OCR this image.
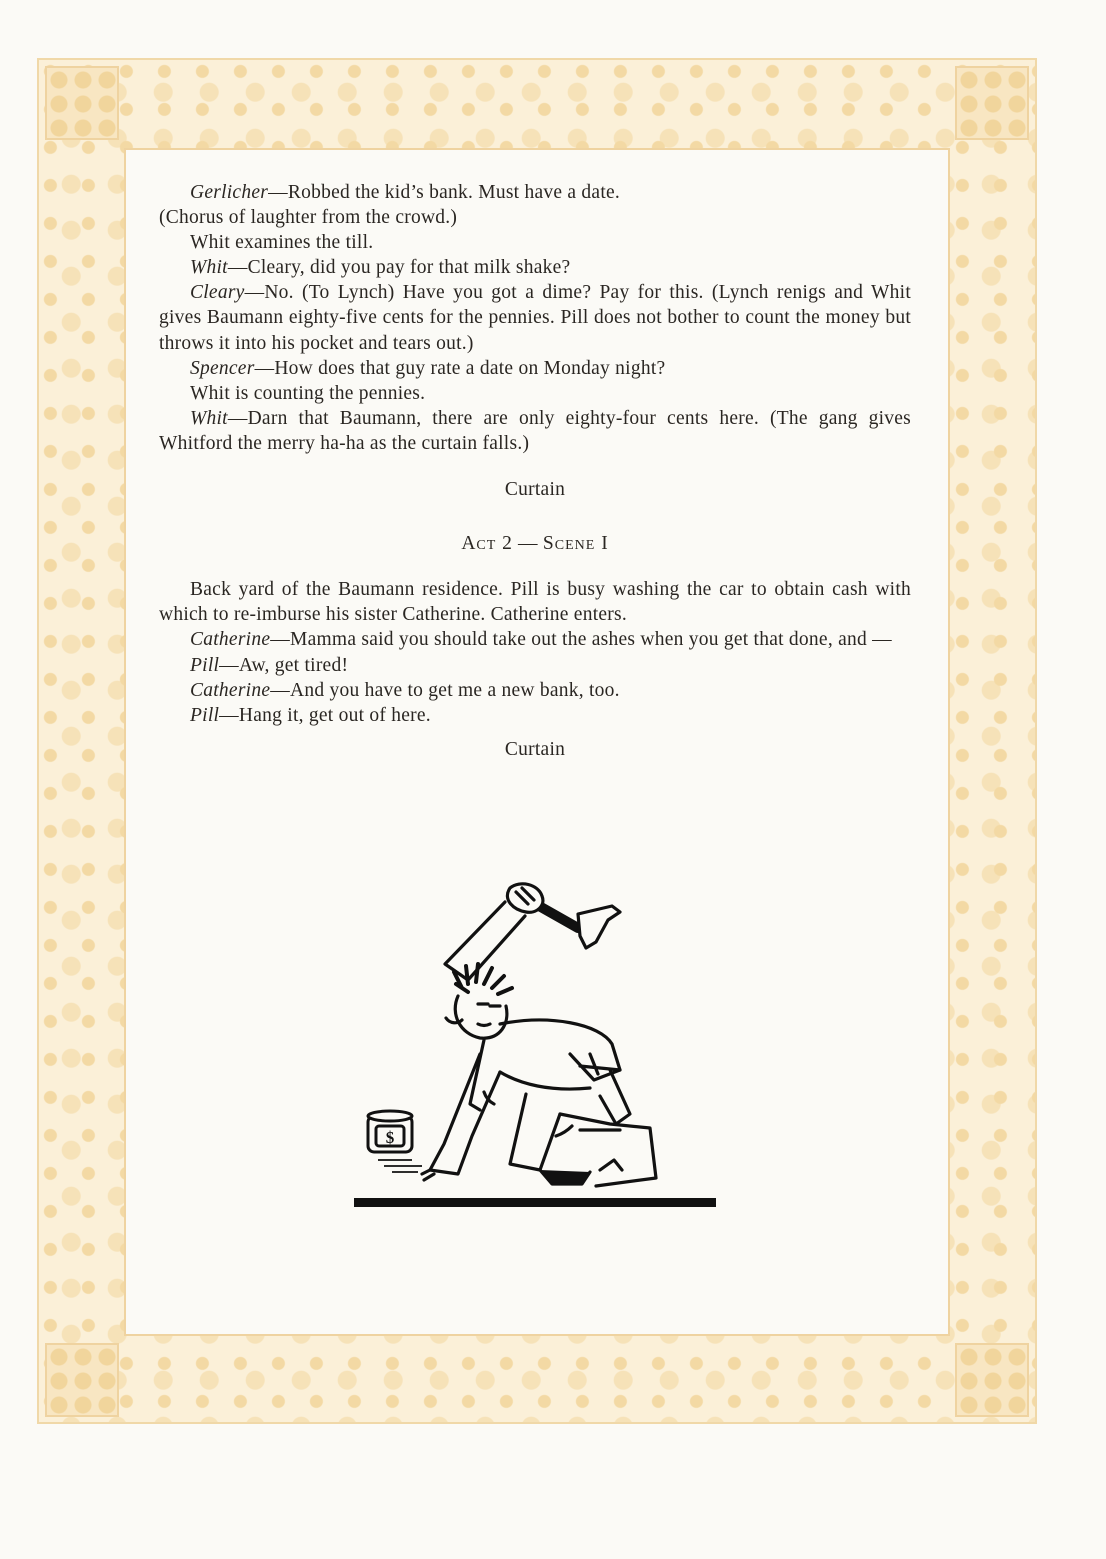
Gerlicher—Robbed the kid’s bank. Must have a date.

(Chorus of laughter from the crowd.)

Whit examines the till.

Whit—Cleary, did you pay for that milk shake?

Cleary—No. (To Lynch) Have you got a dime? Pay for this. (Lynch renigs and Whit gives Baumann eighty-five cents for the pennies. Pill does not bother to count the money but throws it into his pocket and tears out.)

Spencer—How does that guy rate a date on Monday night?

Whit is counting the pennies.

Whit—Darn that Baumann, there are only eighty-four cents here. (The gang gives Whitford the merry ha-ha as the curtain falls.)

Curtain

Act 2 — Scene I

Back yard of the Baumann residence. Pill is busy washing the car to obtain cash with which to re-imburse his sister Catherine. Catherine enters.

Catherine—Mamma said you should take out the ashes when you get that done, and —

Pill—Aw, get tired!

Catherine—And you have to get me a new bank, too.

Pill—Hang it, get out of here.

Curtain

$
